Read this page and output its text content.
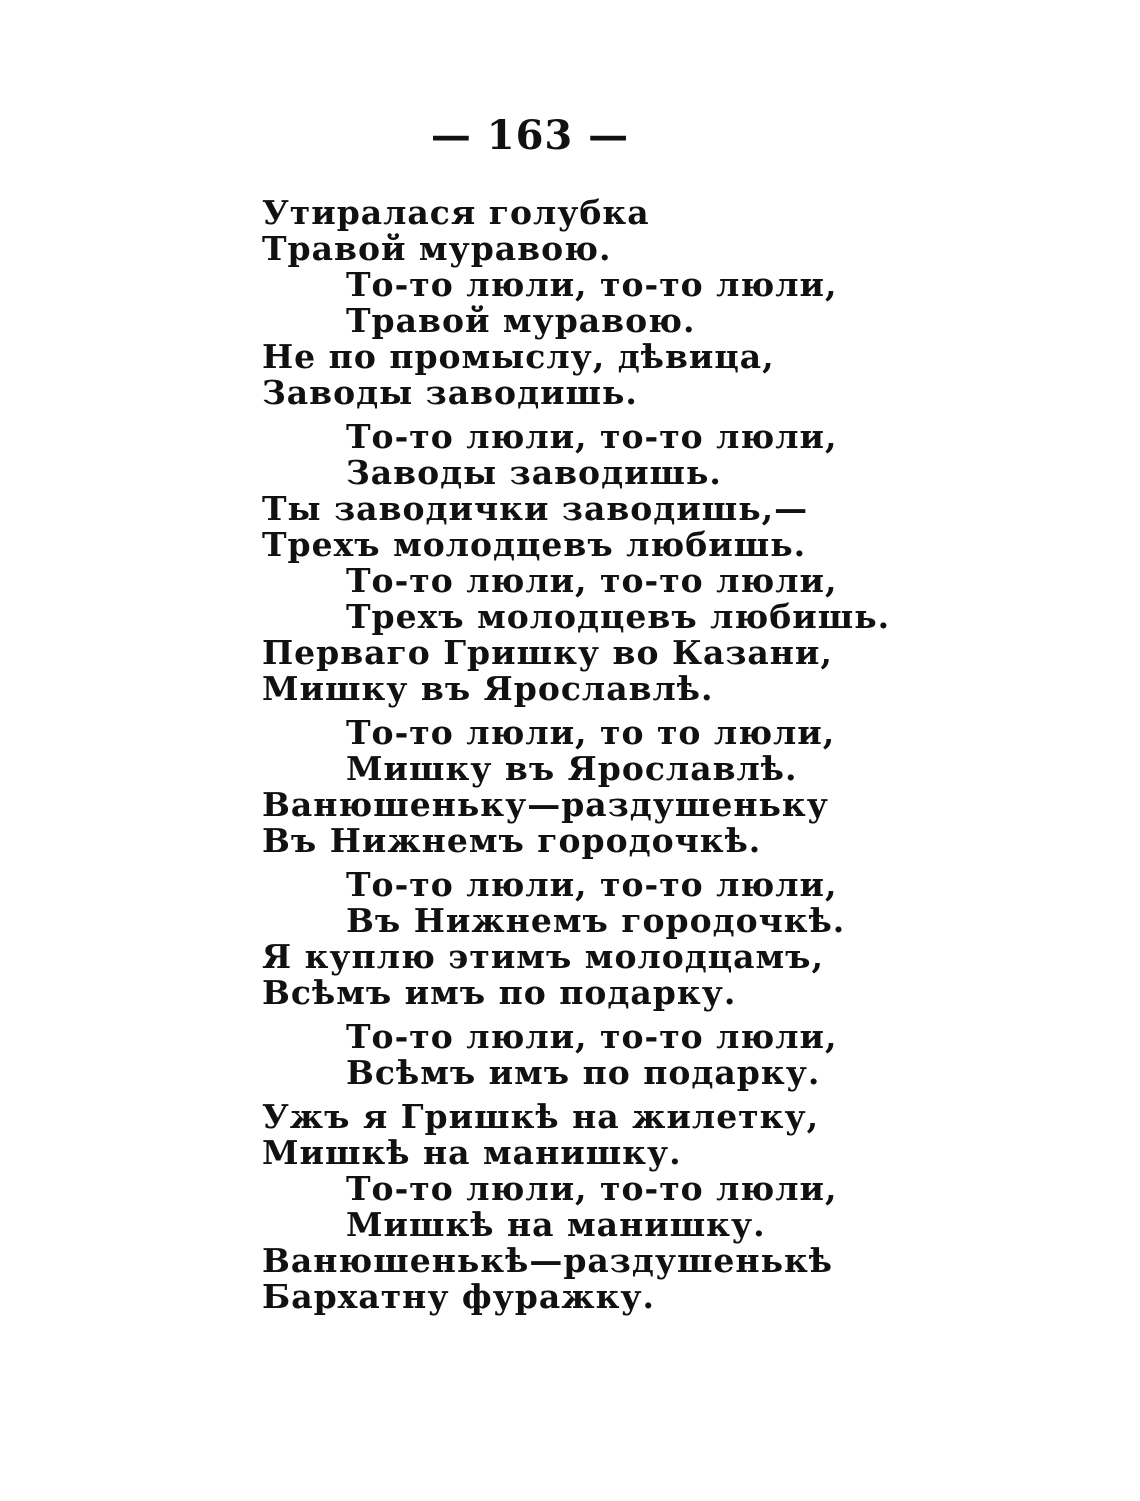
— 163 —
Утиралася голубка
Травой муравою.
То-то люли, то-то люли,
Травой муравою.
Не по промыслу, дѣвица,
Заводы заводишь.
То-то люли, то-то люли,
Заводы заводишь.
Ты заводички заводишь,—
Трехъ молодцевъ любишь.
То-то люли, то-то люли,
Трехъ молодцевъ любишь.
Перваго Гришку во Казани,
Мишку въ Ярославлѣ.
То-то люли, то то люли,
Мишку въ Ярославлѣ.
Ванюшеньку—раздушеньку
Въ Нижнемъ городочкѣ.
То-то люли, то-то люли,
Въ Нижнемъ городочкѣ.
Я куплю этимъ молодцамъ,
Всѣмъ имъ по подарку.
То-то люли, то-то люли,
Всѣмъ имъ по подарку.
Ужъ я Гришкѣ на жилетку,
Мишкѣ на манишку.
То-то люли, то-то люли,
Мишкѣ на манишку.
Ванюшенькѣ—раздушенькѣ
Бархатну фуражку.
